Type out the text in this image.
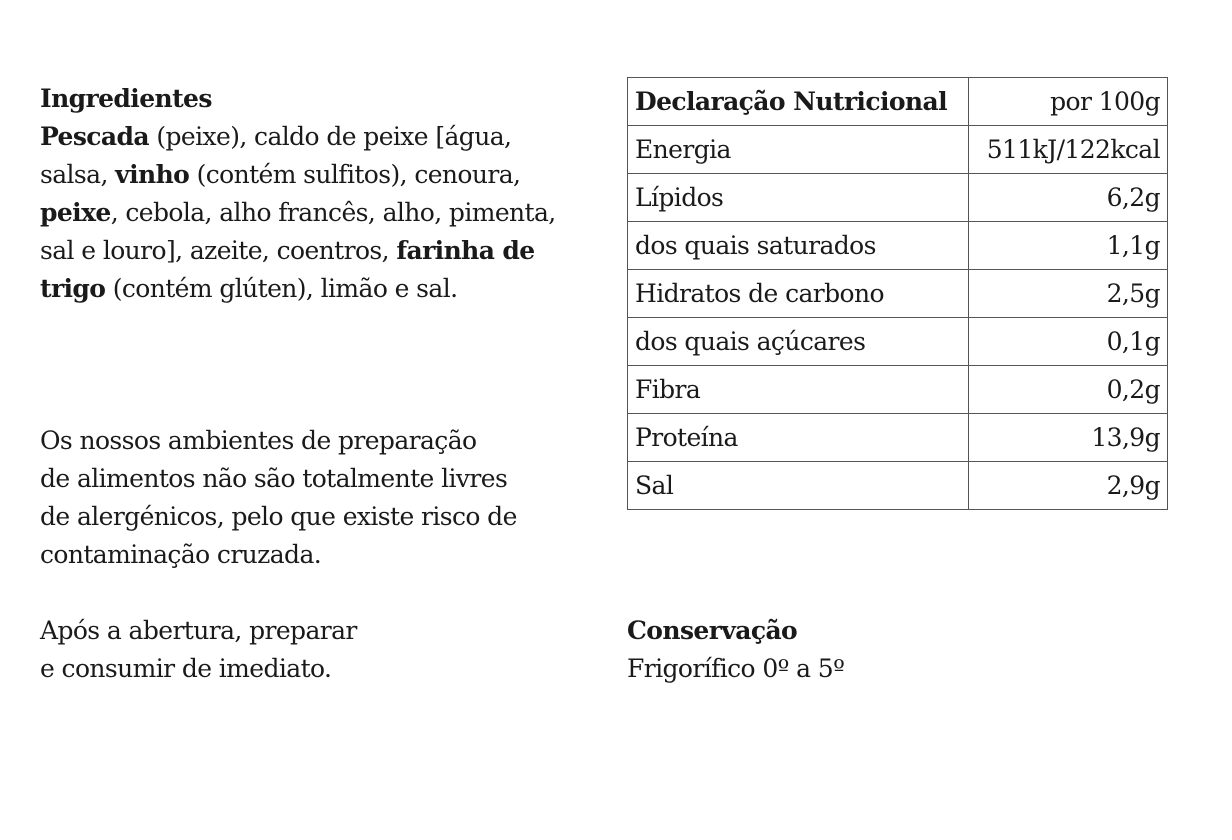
Ingredientes
Pescada (peixe), caldo de peixe [água,
salsa, vinho (contém sulfitos), cenoura,
peixe, cebola, alho francês, alho, pimenta,
sal e louro], azeite, coentros, farinha de
trigo (contém glúten), limão e sal.
Os nossos ambientes de preparação
de alimentos não são totalmente livres
de alergénicos, pelo que existe risco de
contaminação cruzada.
Após a abertura, preparar
e consumir de imediato.
Declaração Nutricional	por 100g
Energia	511kJ/122kcal
Lípidos	6,2g
dos quais saturados	1,1g
Hidratos de carbono	2,5g
dos quais açúcares	0,1g
Fibra	0,2g
Proteína	13,9g
Sal	2,9g
Conservação
Frigorífico 0º a 5º
